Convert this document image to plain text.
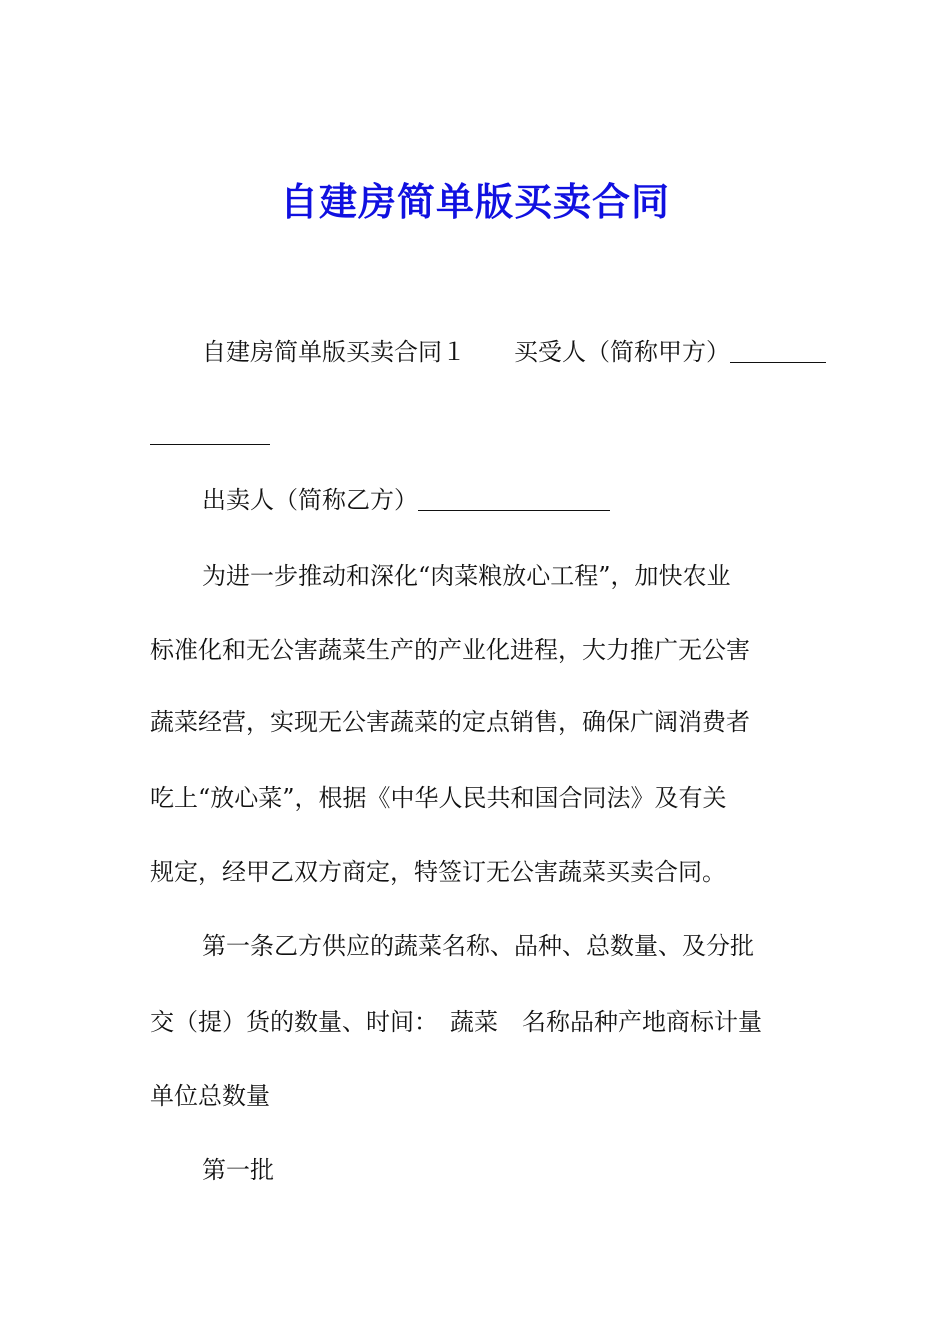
自建房简单版买卖合同

自建房简单版买卖合同１　　买受人（简称甲方）＿＿＿＿

＿＿＿＿＿

出卖人（简称乙方）＿＿＿＿＿＿＿＿

为进一步推动和深化“肉菜粮放心工程”，加快农业

标准化和无公害蔬菜生产的产业化进程，大力推广无公害

蔬菜经营，实现无公害蔬菜的定点销售，确保广阔消费者

吃上“放心菜”，根据《中华人民共和国合同法》及有关

规定，经甲乙双方商定，特签订无公害蔬菜买卖合同。

第一条乙方供应的蔬菜名称、品种、总数量、及分批

交（提）货的数量、时间：　蔬菜　名称品种产地商标计量

单位总数量

第一批
